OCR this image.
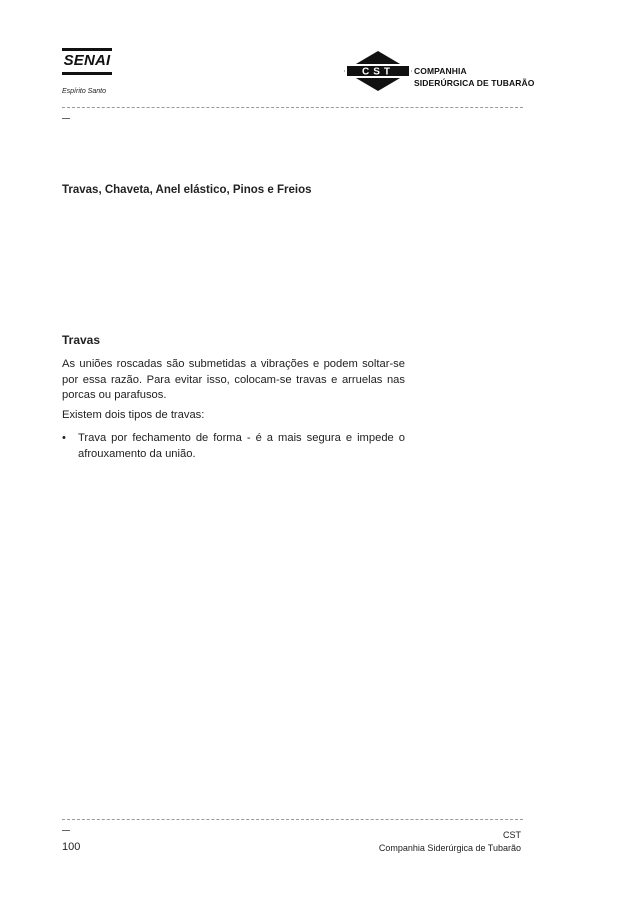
SENAI
Espírito Santo
CST COMPANHIA
SIDERÚRGICA DE TUBARÃO
Travas, Chaveta, Anel elástico, Pinos e Freios
Travas
As uniões roscadas são submetidas a vibrações e podem soltar-se por essa razão. Para evitar isso, colocam-se travas e arruelas nas porcas ou parafusos.
Existem dois tipos de travas:
• Trava por fechamento de forma - é a mais segura e impede o afrouxamento da união.
CST
Companhia Siderúrgica de Tubarão
100
